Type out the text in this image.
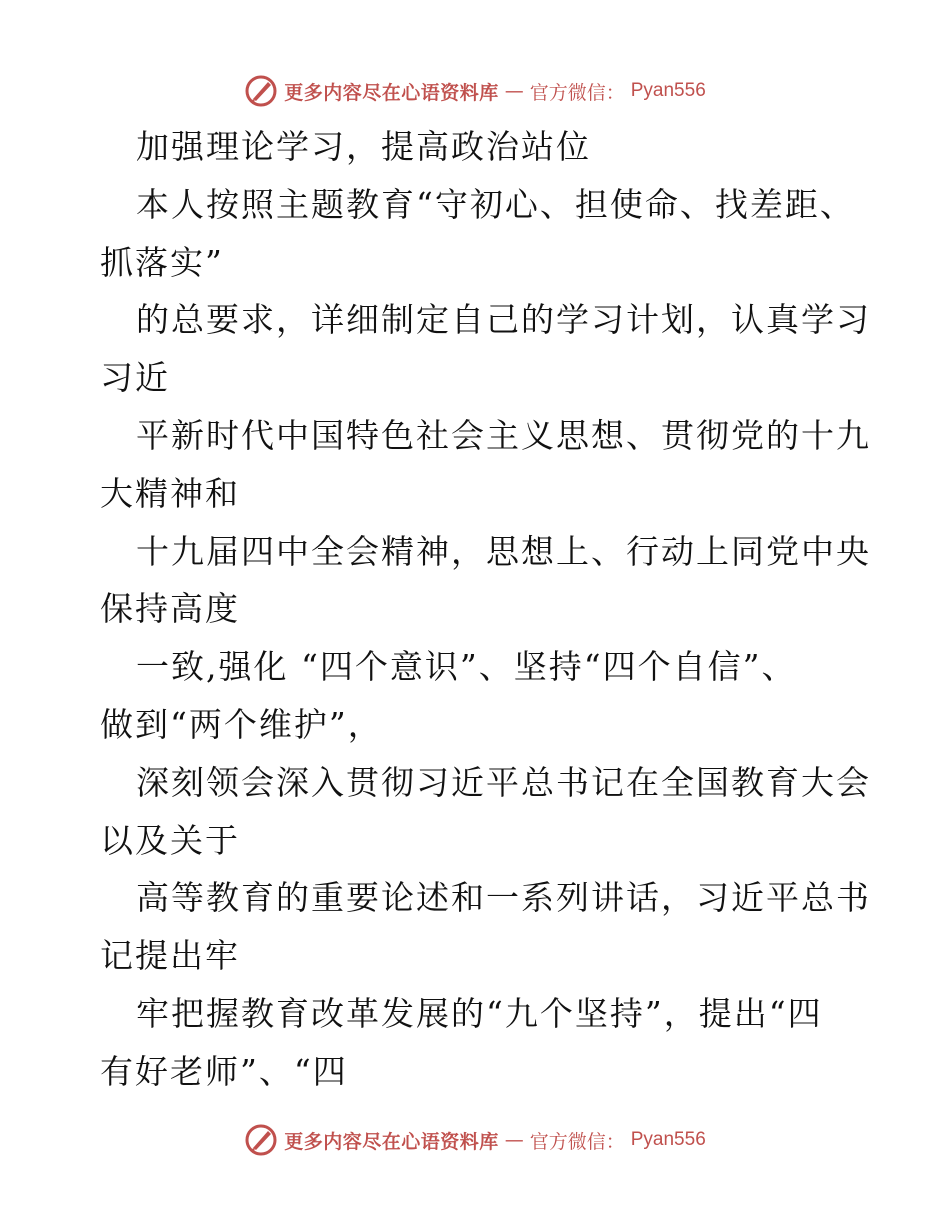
更多内容尽在心语资料库 — 官方微信： Pyan556
加强理论学习，提高政治站位
本人按照主题教育“守初心、担使命、找差距、
抓落实”
的总要求，详细制定自己的学习计划，认真学习
习近
平新时代中国特色社会主义思想、贯彻党的十九
大精神和
十九届四中全会精神，思想上、行动上同党中央
保持高度
一致,强化 “四个意识”、坚持“四个自信”、
做到“两个维护”，
深刻领会深入贯彻习近平总书记在全国教育大会
以及关于
高等教育的重要论述和一系列讲话，习近平总书
记提出牢
牢把握教育改革发展的“九个坚持”，提出“四
有好老师”、“四
更多内容尽在心语资料库 — 官方微信： Pyan556
